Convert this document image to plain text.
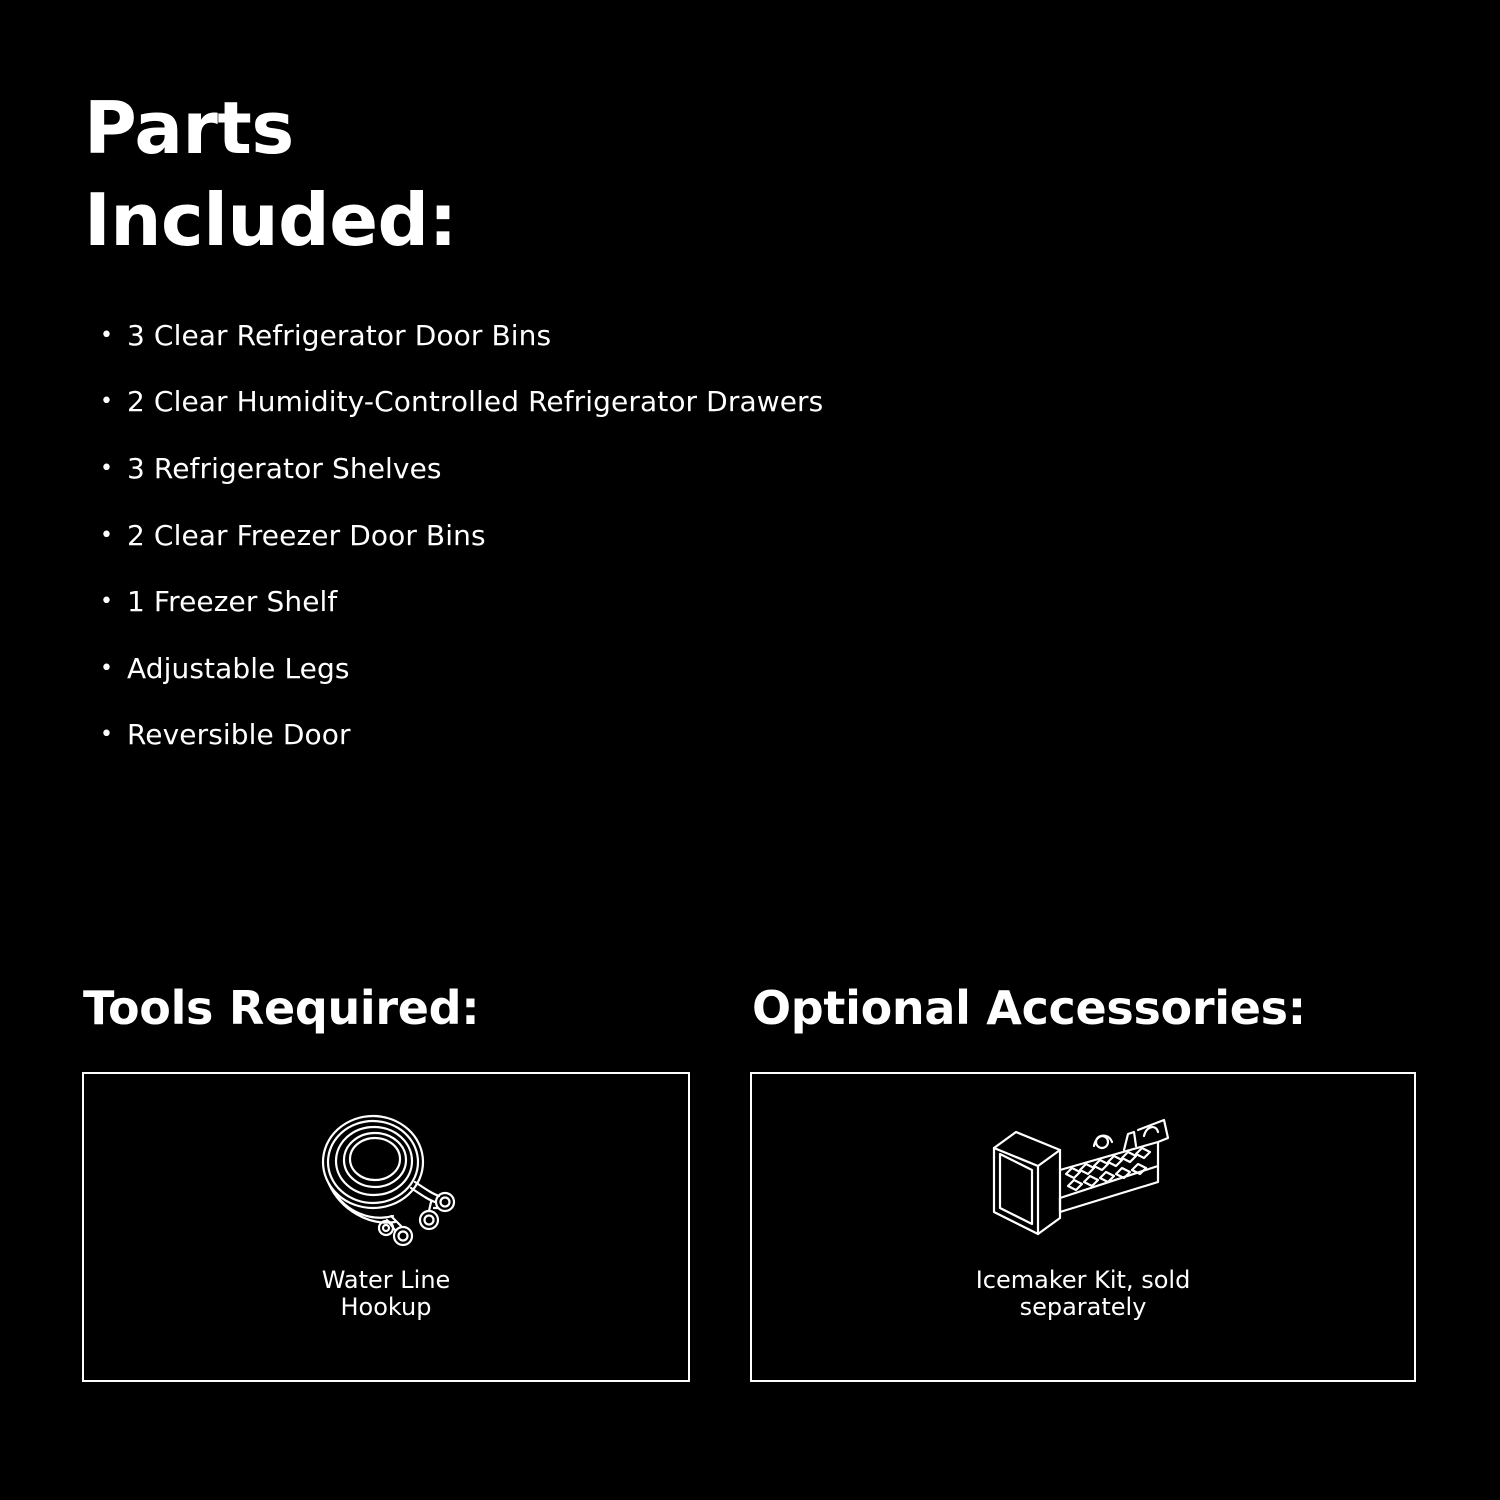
Parts
Included:
• 3 Clear Refrigerator Door Bins
• 2 Clear Humidity-Controlled Refrigerator Drawers
• 3 Refrigerator Shelves
• 2 Clear Freezer Door Bins
• 1 Freezer Shelf
• Adjustable Legs
• Reversible Door
Tools Required:	Optional Accessories:
Water Line
Hookup
Icemaker Kit, sold
separately
